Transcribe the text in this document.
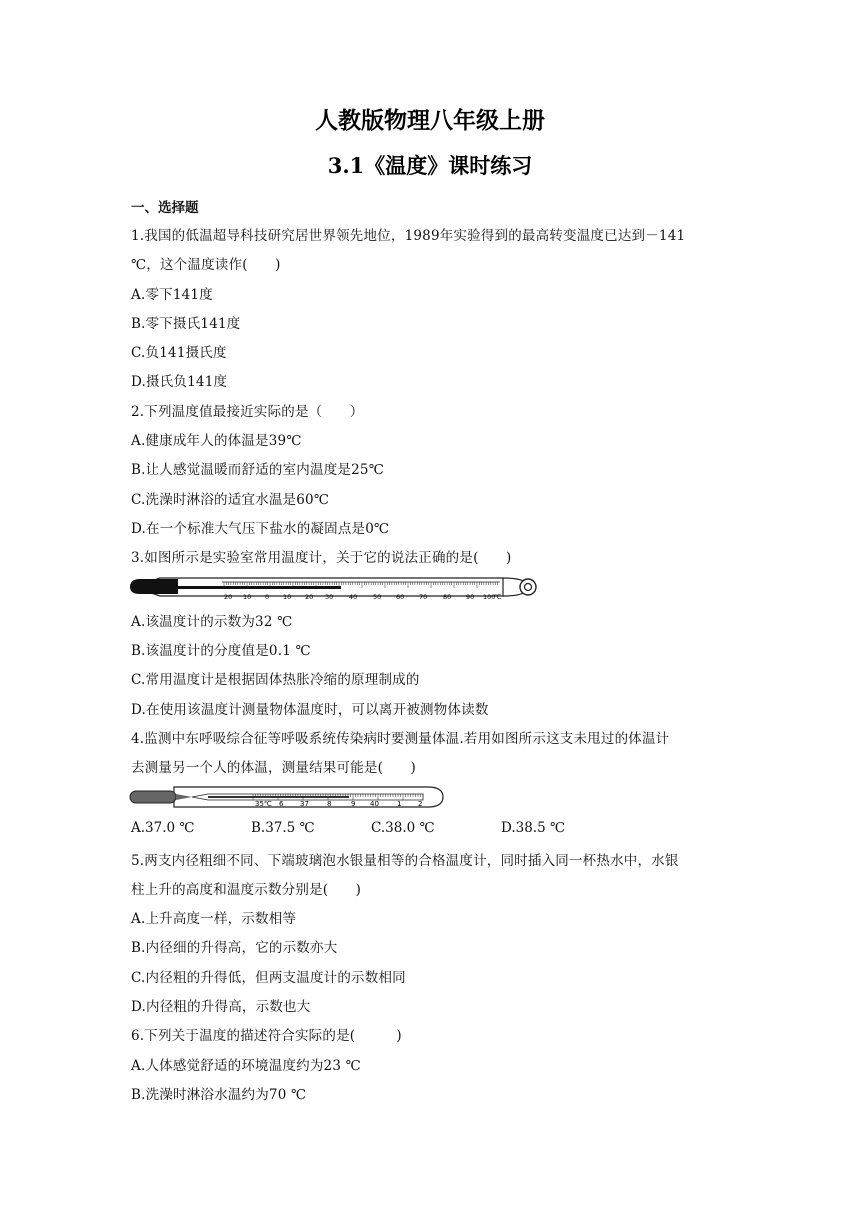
人教版物理八年级上册
3.1《温度》课时练习
一、选择题
1.我国的低温超导科技研究居世界领先地位，1989年实验得到的最高转变温度已达到－141
℃，这个温度读作(　　)
A.零下141度
B.零下摄氏141度
C.负141摄氏度
D.摄氏负141度
2.下列温度值最接近实际的是（　　）
A.健康成年人的体温是39℃
B.让人感觉温暖而舒适的室内温度是25℃
C.洗澡时淋浴的适宜水温是60℃
D.在一个标准大气压下盐水的凝固点是0℃
3.如图所示是实验室常用温度计，关于它的说法正确的是(　　)
20 10 0 10 20 30 40 50 60 70 80 90 100
℃
A.该温度计的示数为32 ℃
B.该温度计的分度值是0.1 ℃
C.常用温度计是根据固体热胀冷缩的原理制成的
D.在使用该温度计测量物体温度时，可以离开被测物体读数
4.监测中东呼吸综合征等呼吸系统传染病时要测量体温.若用如图所示这支未甩过的体温计
去测量另一个人的体温，测量结果可能是(　　)
35℃ 6 37	8	9 40	1 2
A.37.0 ℃	B.37.5 ℃	C.38.0 ℃	D.38.5 ℃
5.两支内径粗细不同、下端玻璃泡水银量相等的合格温度计，同时插入同一杯热水中，水银
柱上升的高度和温度示数分别是(　　)
A.上升高度一样，示数相等
B.内径细的升得高，它的示数亦大
C.内径粗的升得低，但两支温度计的示数相同
D.内径粗的升得高，示数也大
6.下列关于温度的描述符合实际的是(　　　)
A.人体感觉舒适的环境温度约为23 ℃
B.洗澡时淋浴水温约为70 ℃
